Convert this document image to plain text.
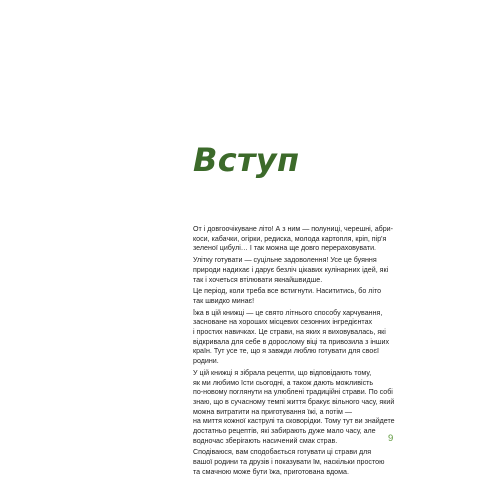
Вступ
От і довгоочікуване літо! А з ним — полуниці, черешні, абри-
коси, кабачки, огірки, редиска, молода картопля, кріп, пір'я
зеленої цибулі… І так можна ще довго перераховувати.
Улітку готувати — суцільне задоволення! Усе це буяння
природи надихає і дарує безліч цікавих кулінарних ідей, які
так і хочеться втілювати якнайшвидше.
Це період, коли треба все встигнути. Насититись, бо літо
так швидко минає!
Їжа в цій книжці — це свято літнього способу харчування,
засноване на хороших місцевих сезонних інгредієнтах
і простих навичках. Це страви, на яких я виховувалась, які
відкривала для себе в дорослому віці та привозила з інших
країн. Тут усе те, що я завжди люблю готувати для своєї
родини.
У цій книжці я зібрала рецепти, що відповідають тому,
як ми любимо їсти сьогодні, а також дають можливість
по-новому поглянути на улюблені традиційні страви. По собі
знаю, що в сучасному темпі життя бракує вільного часу, який
можна витратити на приготування їжі, а потім —
на миття кожної каструлі та сковорідки. Тому тут ви знайдете
достатньо рецептів, які забирають дуже мало часу, але
водночас зберігають насичений смак страв.
Сподіваюся, вам сподобається готувати ці страви для
вашої родини та друзів і показувати їм, наскільки простою
та смачною може бути їжа, приготована вдома.
9
